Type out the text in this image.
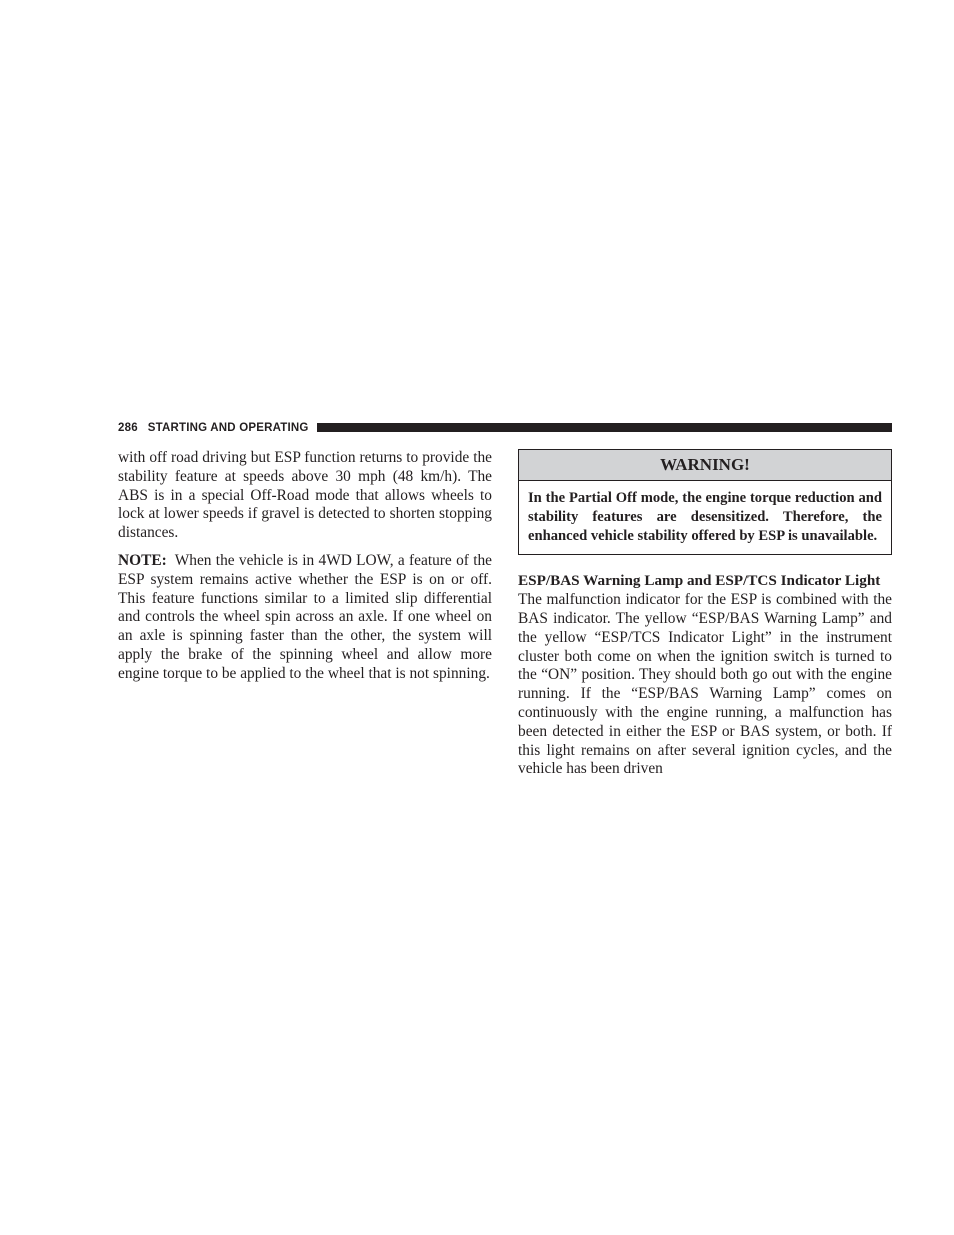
286 STARTING AND OPERATING

with off road driving but ESP function returns to provide the stability feature at speeds above 30 mph (48 km/h). The ABS is in a special Off-Road mode that allows wheels to lock at lower speeds if gravel is detected to shorten stopping distances.

NOTE: When the vehicle is in 4WD LOW, a feature of the ESP system remains active whether the ESP is on or off. This feature functions similar to a limited slip differential and controls the wheel spin across an axle. If one wheel on an axle is spinning faster than the other, the system will apply the brake of the spinning wheel and allow more engine torque to be applied to the wheel that is not spinning.

WARNING!
In the Partial Off mode, the engine torque reduction and stability features are desensitized. Therefore, the enhanced vehicle stability offered by ESP is unavailable.
ESP/BAS Warning Lamp and ESP/TCS Indicator Light

The malfunction indicator for the ESP is combined with the BAS indicator. The yellow “ESP/BAS Warning Lamp” and the yellow “ESP/TCS Indicator Light” in the instrument cluster both come on when the ignition switch is turned to the “ON” position. They should both go out with the engine running. If the “ESP/BAS Warning Lamp” comes on continuously with the engine running, a malfunction has been detected in either the ESP or BAS system, or both. If this light remains on after several ignition cycles, and the vehicle has been driven
